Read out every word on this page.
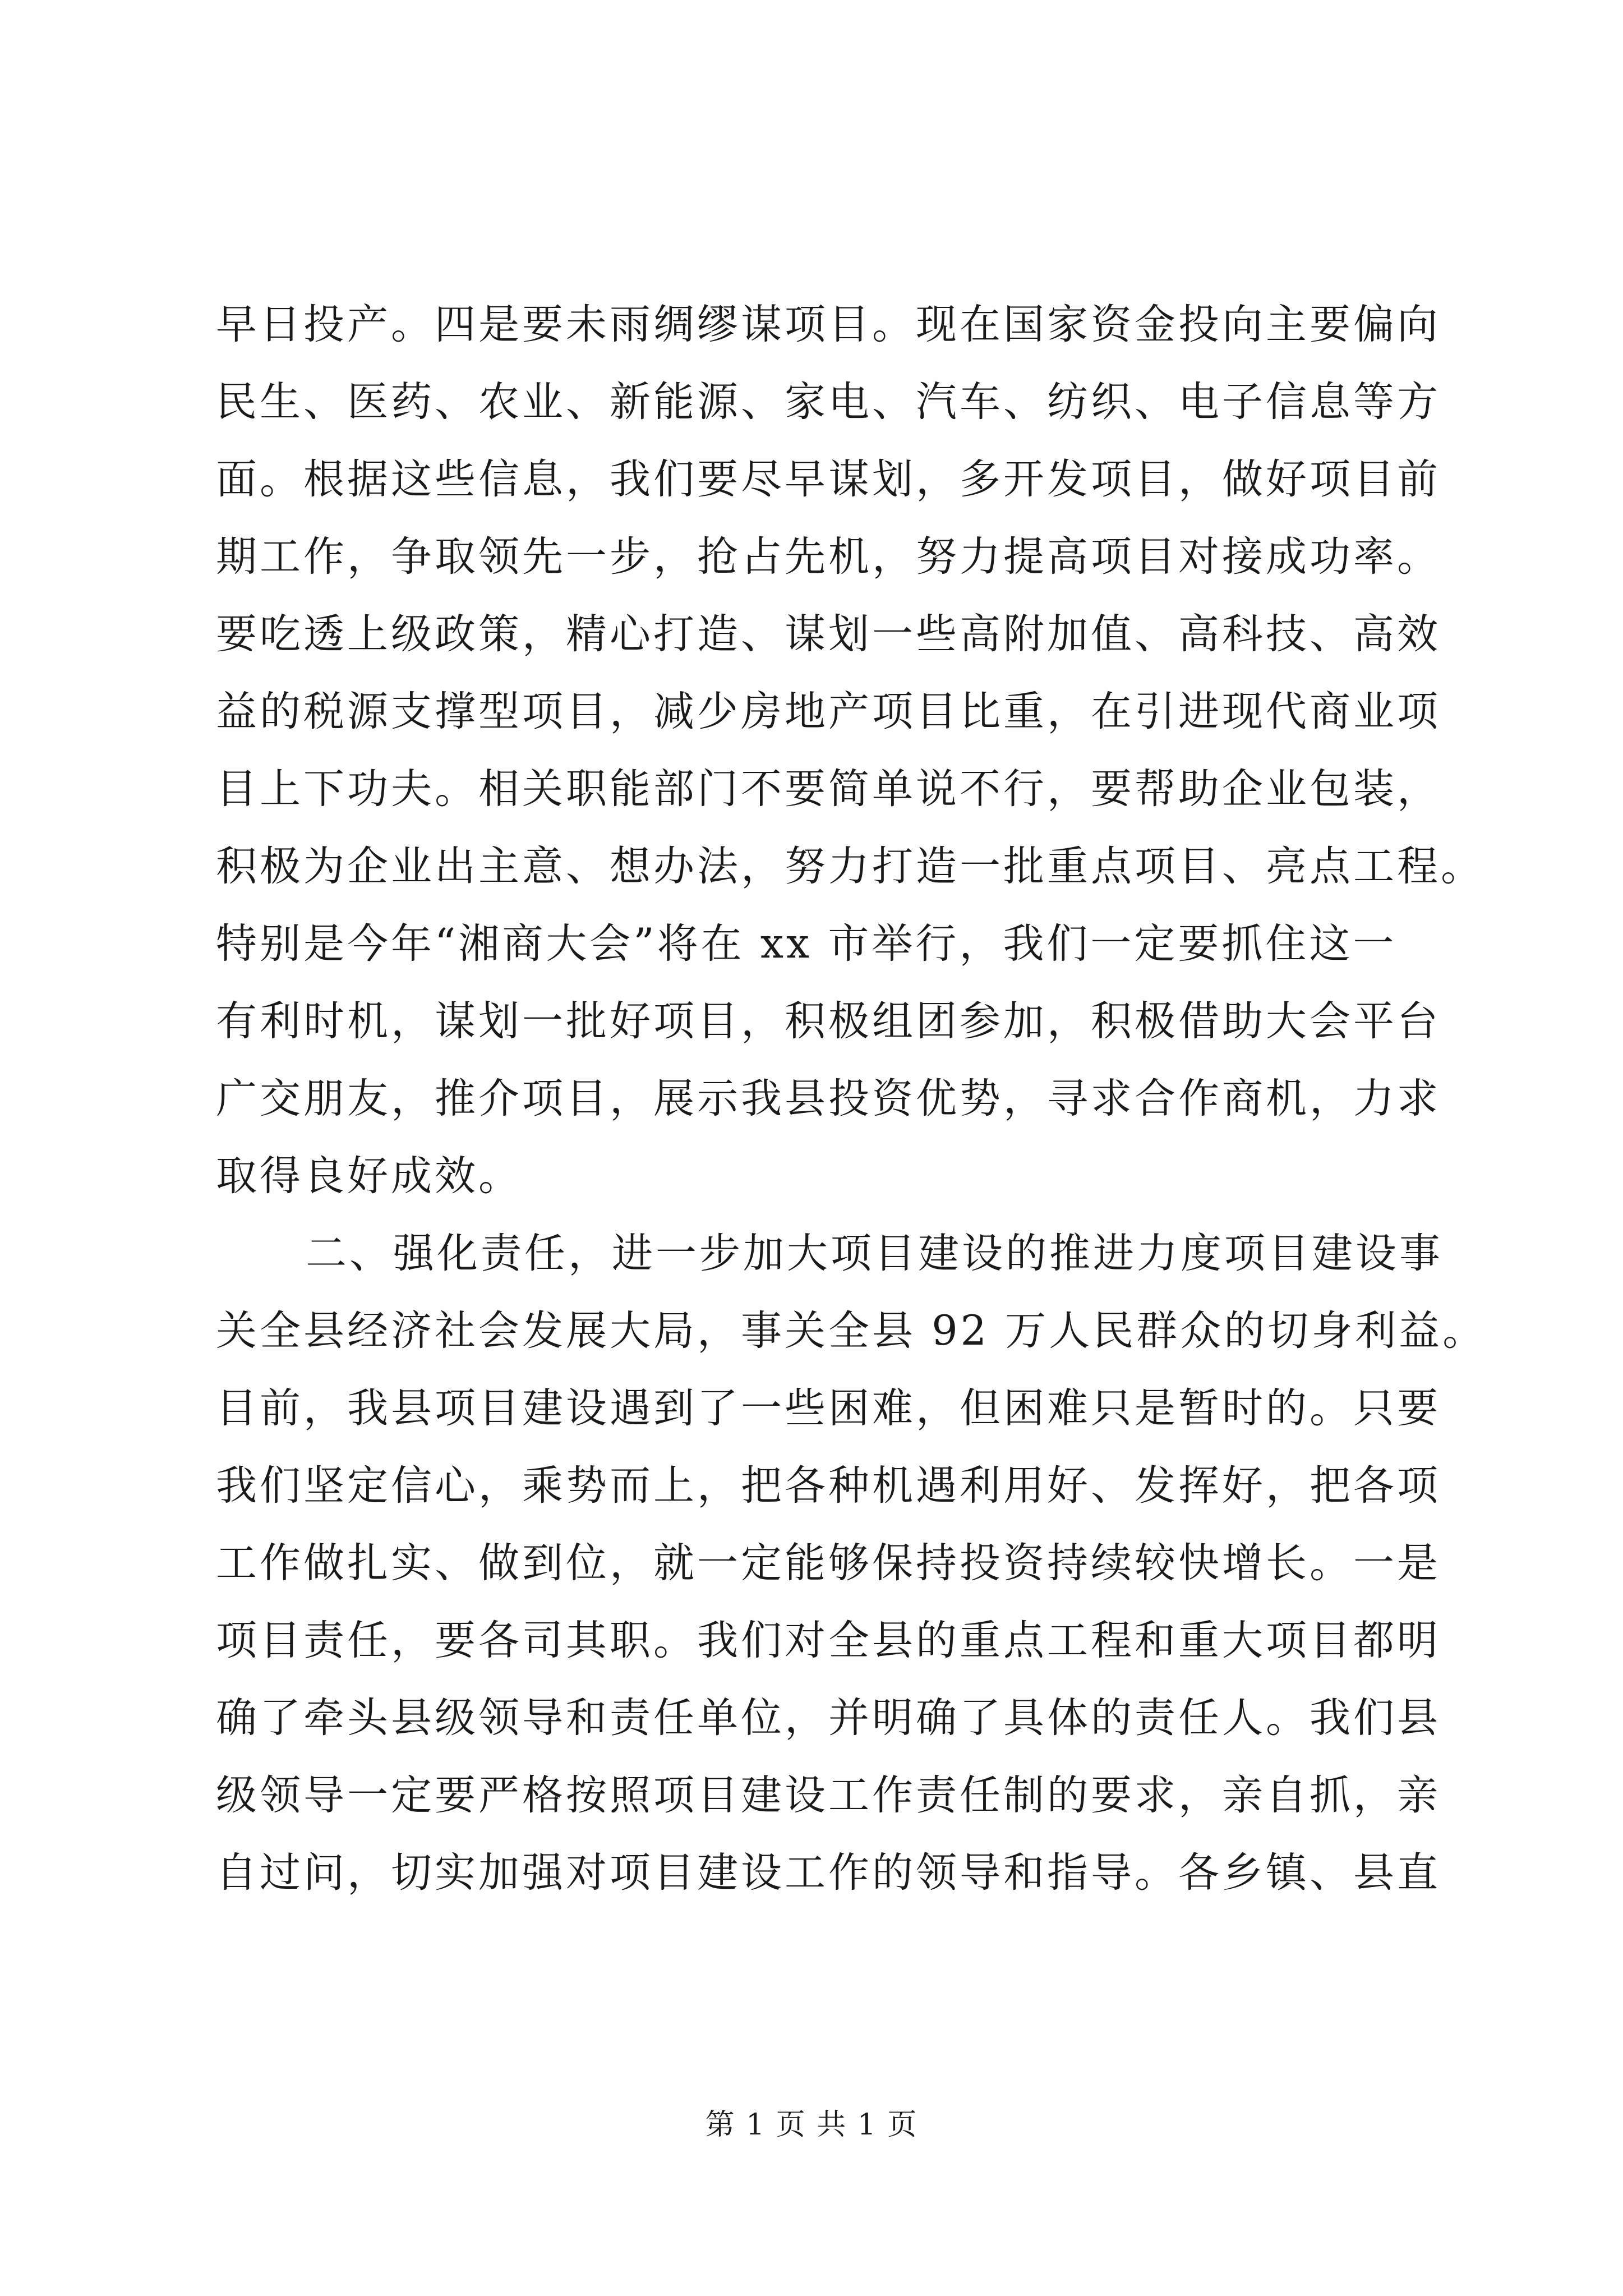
早日投产。四是要未雨绸缪谋项目。现在国家资金投向主要偏向
民生、医药、农业、新能源、家电、汽车、纺织、电子信息等方
面。根据这些信息，我们要尽早谋划，多开发项目，做好项目前
期工作，争取领先一步，抢占先机，努力提高项目对接成功率。
要吃透上级政策，精心打造、谋划一些高附加值、高科技、高效
益的税源支撑型项目，减少房地产项目比重，在引进现代商业项
目上下功夫。相关职能部门不要简单说不行，要帮助企业包装，
积极为企业出主意、想办法，努力打造一批重点项目、亮点工程。
特别是今年“湘商大会”将在 xx 市举行，我们一定要抓住这一
有利时机，谋划一批好项目，积极组团参加，积极借助大会平台
广交朋友，推介项目，展示我县投资优势，寻求合作商机，力求
取得良好成效。
二、强化责任，进一步加大项目建设的推进力度项目建设事
关全县经济社会发展大局，事关全县 92 万人民群众的切身利益。
目前，我县项目建设遇到了一些困难，但困难只是暂时的。只要
我们坚定信心，乘势而上，把各种机遇利用好、发挥好，把各项
工作做扎实、做到位，就一定能够保持投资持续较快增长。一是
项目责任，要各司其职。我们对全县的重点工程和重大项目都明
确了牵头县级领导和责任单位，并明确了具体的责任人。我们县
级领导一定要严格按照项目建设工作责任制的要求，亲自抓，亲
自过问，切实加强对项目建设工作的领导和指导。各乡镇、县直
第 1 页 共 1 页
